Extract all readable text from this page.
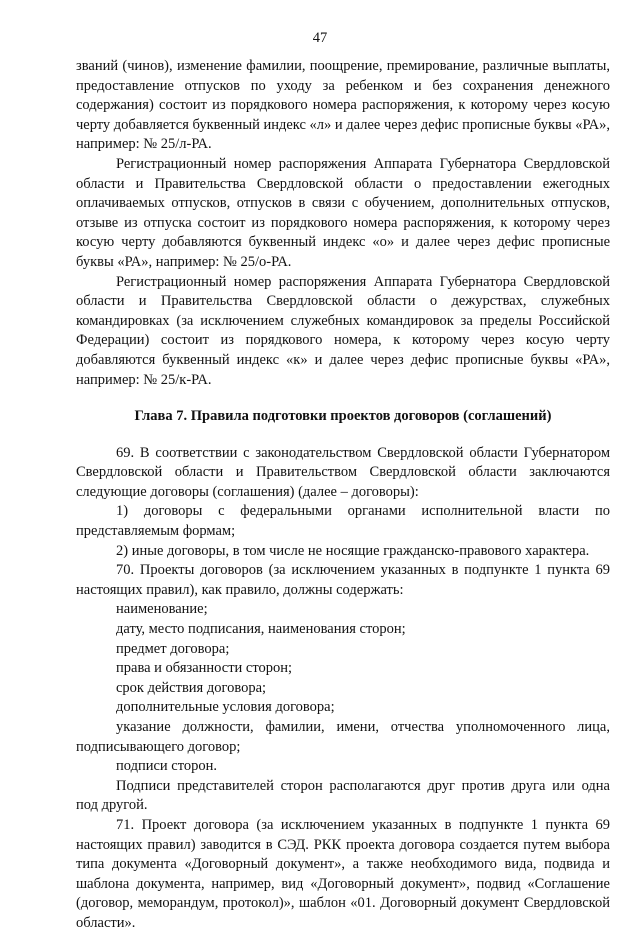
47

званий (чинов), изменение фамилии, поощрение, премирование, различные выплаты, предоставление отпусков по уходу за ребенком и без сохранения денежного содержания) состоит из порядкового номера распоряжения, к которому через косую черту добавляется буквенный индекс «л» и далее через дефис прописные буквы «РА», например: № 25/л-РА.

Регистрационный номер распоряжения Аппарата Губернатора Свердловской области и Правительства Свердловской области о предоставлении ежегодных оплачиваемых отпусков, отпусков в связи с обучением, дополнительных отпусков, отзыве из отпуска состоит из порядкового номера распоряжения, к которому через косую черту добавляются буквенный индекс «о» и далее через дефис прописные буквы «РА», например: № 25/о-РА.

Регистрационный номер распоряжения Аппарата Губернатора Свердловской области и Правительства Свердловской области о дежурствах, служебных командировках (за исключением служебных командировок за пределы Российской Федерации) состоит из порядкового номера, к которому через косую черту добавляются буквенный индекс «к» и далее через дефис прописные буквы «РА», например: № 25/к-РА.

Глава 7. Правила подготовки проектов договоров (соглашений)

69. В соответствии с законодательством Свердловской области Губернатором Свердловской области и Правительством Свердловской области заключаются следующие договоры (соглашения) (далее – договоры):

1) договоры с федеральными органами исполнительной власти по представляемым формам;

2) иные договоры, в том числе не носящие гражданско-правового характера.

70. Проекты договоров (за исключением указанных в подпункте 1 пункта 69 настоящих правил), как правило, должны содержать:

наименование;

дату, место подписания, наименования сторон;

предмет договора;

права и обязанности сторон;

срок действия договора;

дополнительные условия договора;

указание должности, фамилии, имени, отчества уполномоченного лица, подписывающего договор;

подписи сторон.

Подписи представителей сторон располагаются друг против друга или одна под другой.

71. Проект договора (за исключением указанных в подпункте 1 пункта 69 настоящих правил) заводится в СЭД. РКК проекта договора создается путем выбора типа документа «Договорный документ», а также необходимого вида, подвида и шаблона документа, например, вид «Договорный документ», подвид «Соглашение (договор, меморандум, протокол)», шаблон «01. Договорный документ Свердловской области».
